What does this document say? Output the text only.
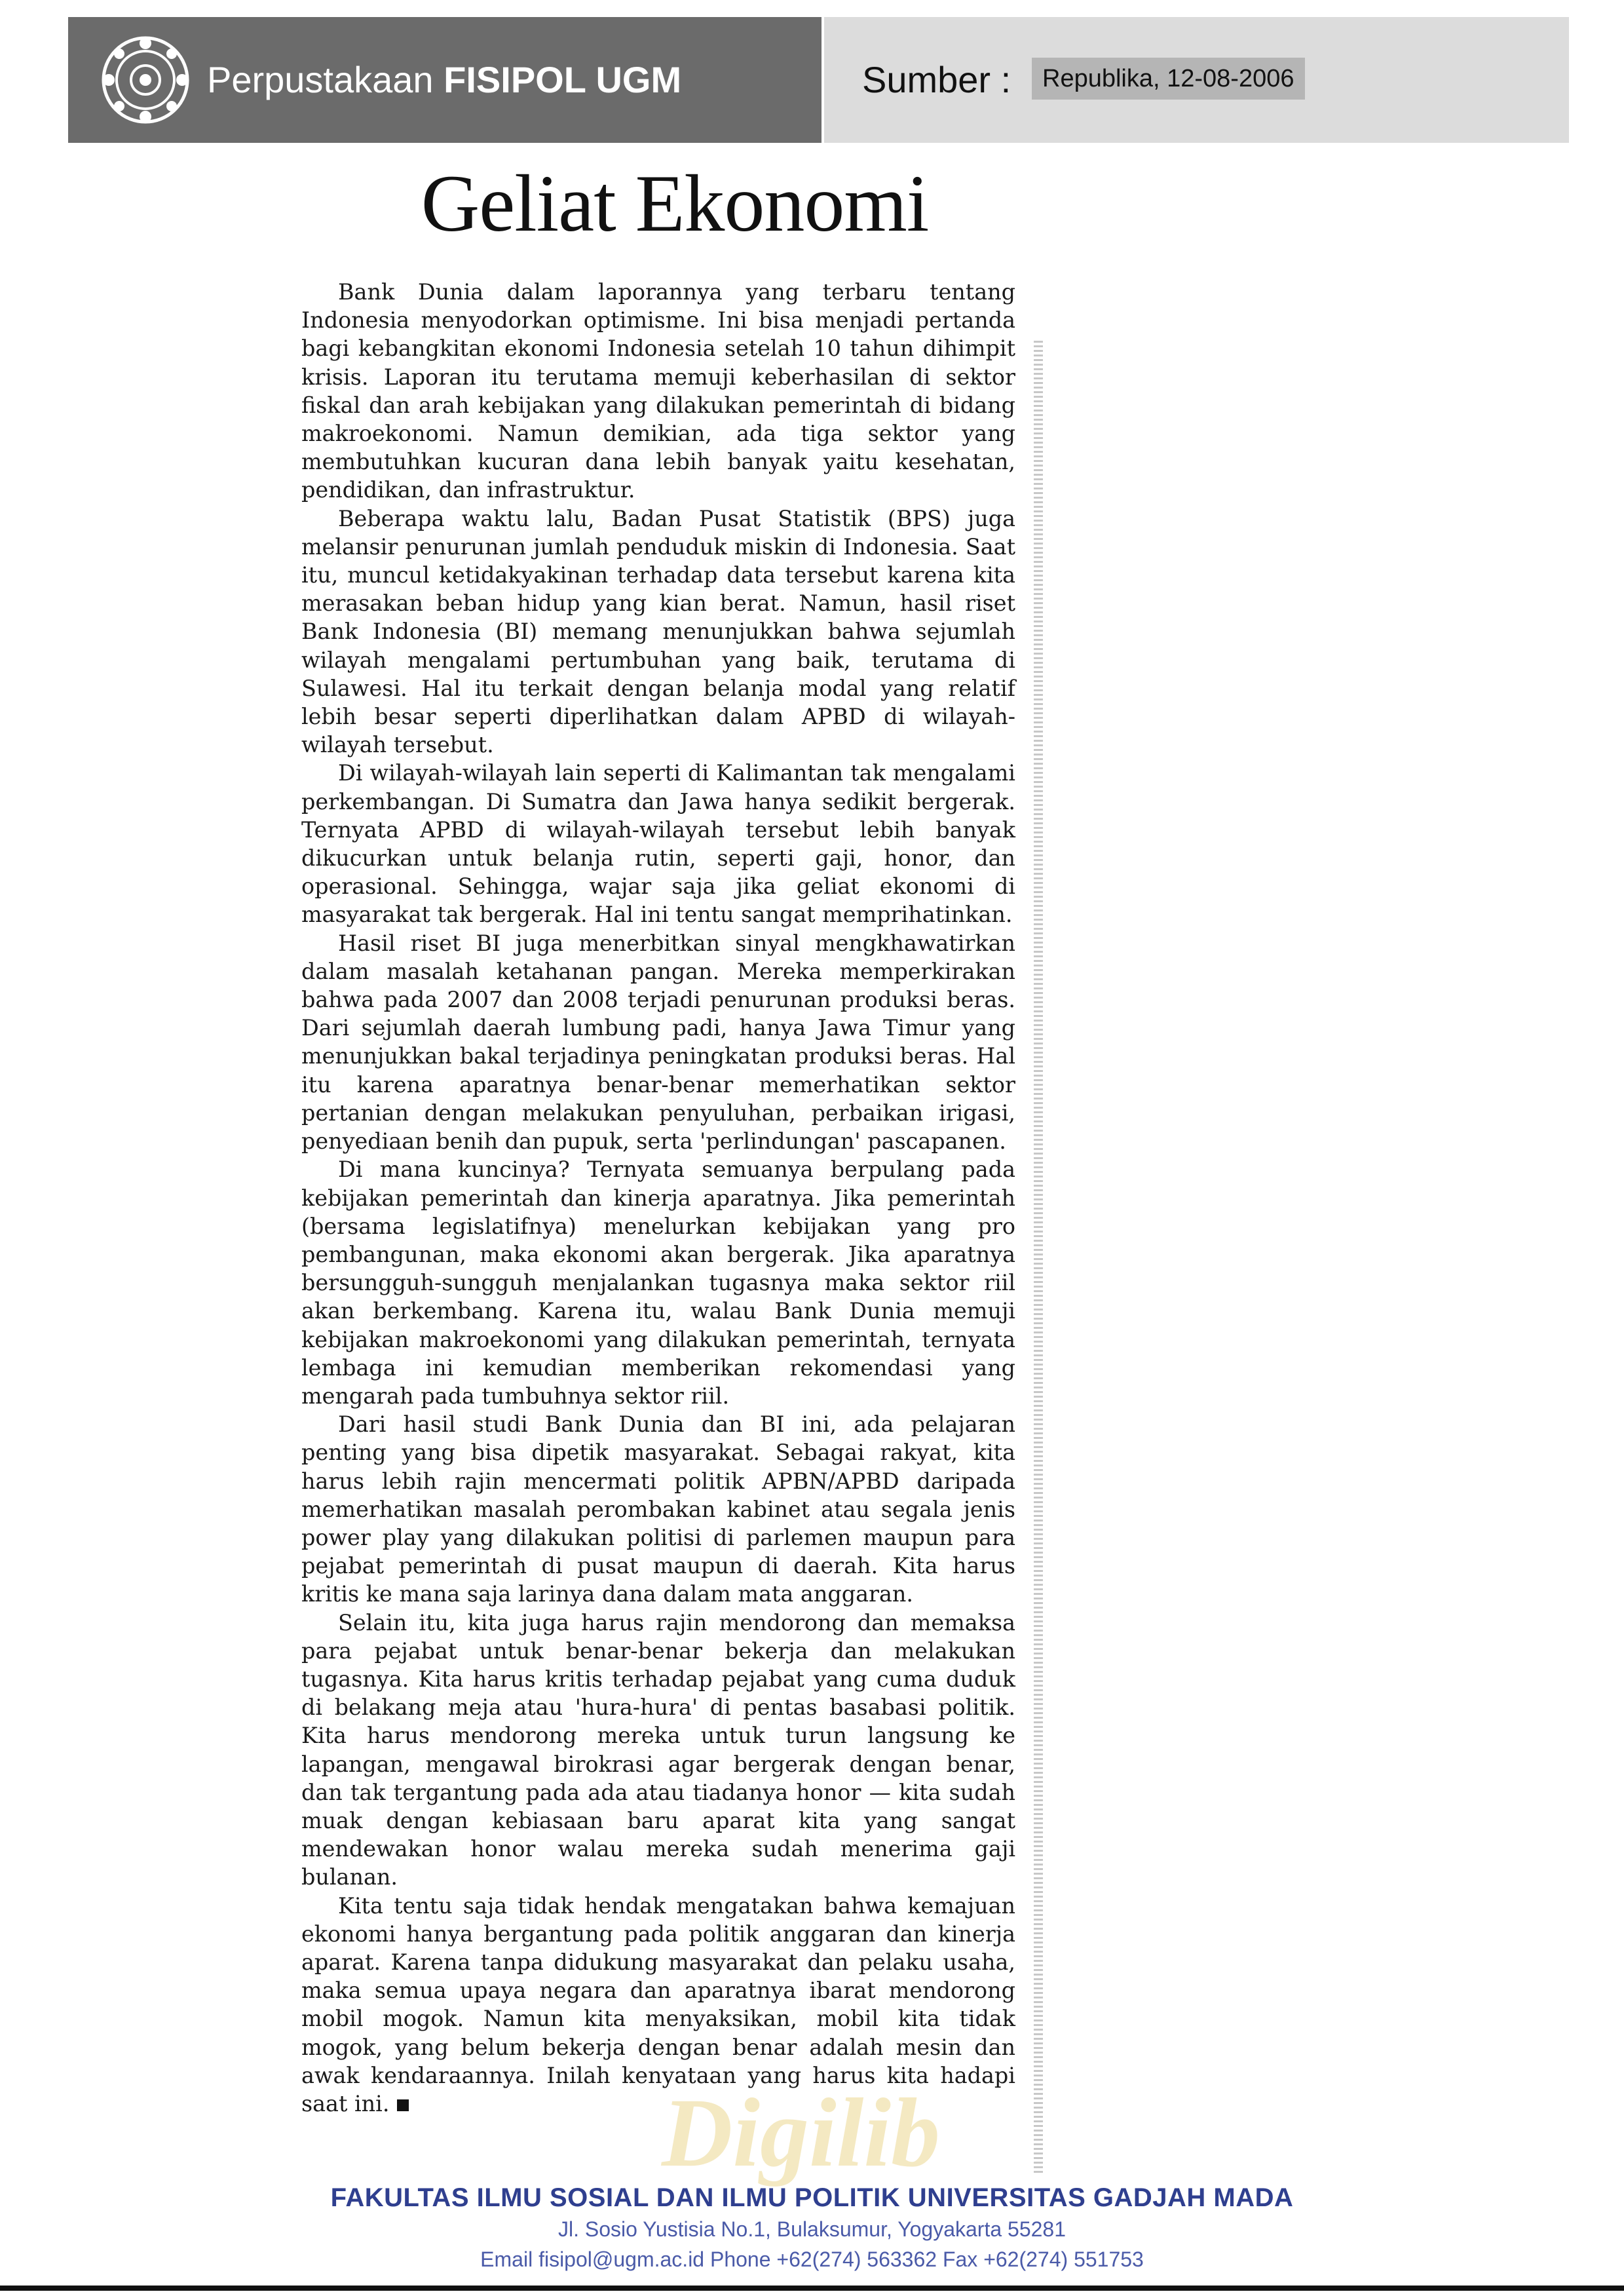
Perpustakaan FISIPOL UGM	Sumber :	Republika, 12-08-2006
Geliat Ekonomi

Bank Dunia dalam laporannya yang terbaru tentang Indonesia menyodorkan optimisme. Ini bisa menjadi pertanda bagi kebangkitan ekonomi Indonesia setelah 10 tahun dihimpit krisis. Laporan itu terutama memuji keberhasilan di sektor fiskal dan arah kebijakan yang dilakukan pemerintah di bidang makroekonomi. Namun demikian, ada tiga sektor yang membutuhkan kucuran dana lebih banyak yaitu kesehatan, pendidikan, dan infrastruktur.

Beberapa waktu lalu, Badan Pusat Statistik (BPS) juga melansir penurunan jumlah penduduk miskin di Indonesia. Saat itu, muncul ketidakyakinan terhadap data tersebut karena kita merasakan beban hidup yang kian berat. Namun, hasil riset Bank Indonesia (BI) memang menunjukkan bahwa sejumlah wilayah mengalami pertumbuhan yang baik, terutama di Sulawesi. Hal itu terkait dengan belanja modal yang relatif lebih besar seperti diperlihatkan dalam APBD di wilayah-wilayah tersebut.

Di wilayah-wilayah lain seperti di Kalimantan tak mengalami perkembangan. Di Sumatra dan Jawa hanya sedikit bergerak. Ternyata APBD di wilayah-wilayah tersebut lebih banyak dikucurkan untuk belanja rutin, seperti gaji, honor, dan operasional. Sehingga, wajar saja jika geliat ekonomi di masyarakat tak bergerak. Hal ini tentu sangat memprihatinkan.

Hasil riset BI juga menerbitkan sinyal mengkhawatirkan dalam masalah ketahanan pangan. Mereka memperkirakan bahwa pada 2007 dan 2008 terjadi penurunan produksi beras. Dari sejumlah daerah lumbung padi, hanya Jawa Timur yang menunjukkan bakal terjadinya peningkatan produksi beras. Hal itu karena aparatnya benar-benar memerhatikan sektor pertanian dengan melakukan penyuluhan, perbaikan irigasi, penyediaan benih dan pupuk, serta 'perlindungan' pascapanen.

Di mana kuncinya? Ternyata semuanya berpulang pada kebijakan pemerintah dan kinerja aparatnya. Jika pemerintah (bersama legislatifnya) menelurkan kebijakan yang pro pembangunan, maka ekonomi akan bergerak. Jika aparatnya bersungguh-sungguh menjalankan tugasnya maka sektor riil akan berkembang. Karena itu, walau Bank Dunia memuji kebijakan makroekonomi yang dilakukan pemerintah, ternyata lembaga ini kemudian memberikan rekomendasi yang mengarah pada tumbuhnya sektor riil.

Dari hasil studi Bank Dunia dan BI ini, ada pelajaran penting yang bisa dipetik masyarakat. Sebagai rakyat, kita harus lebih rajin mencermati politik APBN/APBD daripada memerhatikan masalah perombakan kabinet atau segala jenis power play yang dilakukan politisi di parlemen maupun para pejabat pemerintah di pusat maupun di daerah. Kita harus kritis ke mana saja larinya dana dalam mata anggaran.

Selain itu, kita juga harus rajin mendorong dan memaksa para pejabat untuk benar-benar bekerja dan melakukan tugasnya. Kita harus kritis terhadap pejabat yang cuma duduk di belakang meja atau 'hura-hura' di pentas basabasi politik. Kita harus mendorong mereka untuk turun langsung ke lapangan, mengawal birokrasi agar bergerak dengan benar, dan tak tergantung pada ada atau tiadanya honor — kita sudah muak dengan kebiasaan baru aparat kita yang sangat mendewakan honor walau mereka sudah menerima gaji bulanan.

Kita tentu saja tidak hendak mengatakan bahwa kemajuan ekonomi hanya bergantung pada politik anggaran dan kinerja aparat. Karena tanpa didukung masyarakat dan pelaku usaha, maka semua upaya negara dan aparatnya ibarat mendorong mobil mogok. Namun kita menyaksikan, mobil kita tidak mogok, yang belum bekerja dengan benar adalah mesin dan awak kendaraannya. Inilah kenyataan yang harus kita hadapi saat ini.	Digilib
FAKULTAS ILMU SOSIAL DAN ILMU POLITIK UNIVERSITAS GADJAH MADA
Jl. Sosio Yustisia No.1, Bulaksumur, Yogyakarta 55281
Email fisipol@ugm.ac.id Phone +62(274) 563362 Fax +62(274) 551753
